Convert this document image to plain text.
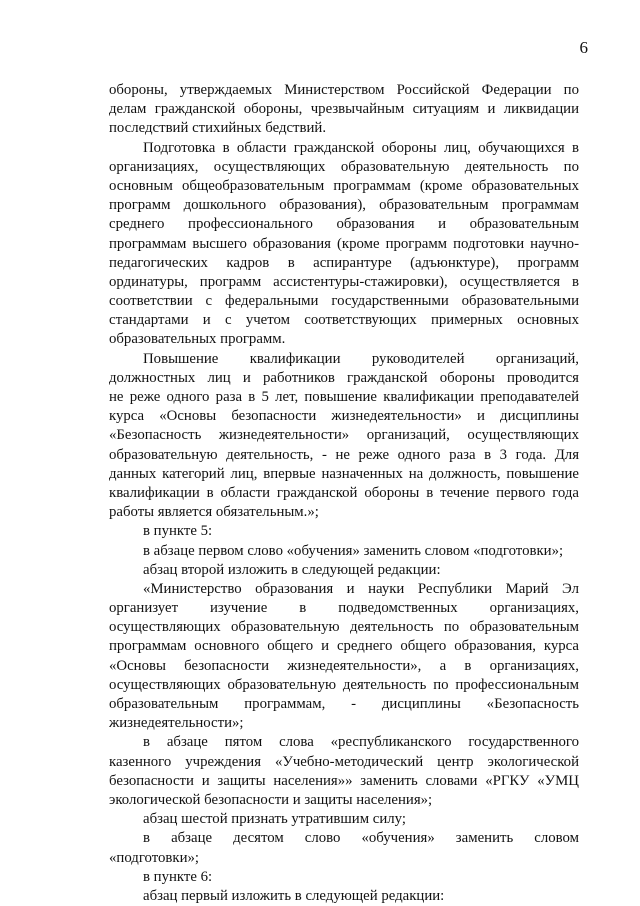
6
обороны, утверждаемых Министерством Российской Федерации по
делам гражданской обороны, чрезвычайным ситуациям и ликвидации
последствий стихийных бедствий.
Подготовка в области гражданской обороны лиц, обучающихся в
организациях, осуществляющих образовательную деятельность по
основным общеобразовательным программам (кроме образовательных
программ дошкольного образования), образовательным программам
среднего профессионального образования и образовательным
программам высшего образования (кроме программ подготовки научно-
педагогических кадров в аспирантуре (адъюнктуре), программ
ординатуры, программ ассистентуры-стажировки), осуществляется в
соответствии с федеральными государственными образовательными
стандартами и с учетом соответствующих примерных основных
образовательных программ.
Повышение квалификации руководителей организаций,
должностных лиц и работников гражданской обороны проводится
не реже одного раза в 5 лет, повышение квалификации преподавателей
курса «Основы безопасности жизнедеятельности» и дисциплины
«Безопасность жизнедеятельности» организаций, осуществляющих
образовательную деятельность, - не реже одного раза в 3 года. Для
данных категорий лиц, впервые назначенных на должность, повышение
квалификации в области гражданской обороны в течение первого года
работы является обязательным.»;
в пункте 5:
в абзаце первом слово «обучения» заменить словом «подготовки»;
абзац второй изложить в следующей редакции:
«Министерство образования и науки Республики Марий Эл
организует изучение в подведомственных организациях,
осуществляющих образовательную деятельность по образовательным
программам основного общего и среднего общего образования, курса
«Основы безопасности жизнедеятельности», а в организациях,
осуществляющих образовательную деятельность по профессиональным
образовательным программам, - дисциплины «Безопасность
жизнедеятельности»;
в абзаце пятом слова «республиканского государственного
казенного учреждения «Учебно-методический центр экологической
безопасности и защиты населения»» заменить словами «РГКУ «УМЦ
экологической безопасности и защиты населения»;
абзац шестой признать утратившим силу;
в абзаце десятом слово «обучения» заменить словом
«подготовки»;
в пункте 6:
абзац первый изложить в следующей редакции:
